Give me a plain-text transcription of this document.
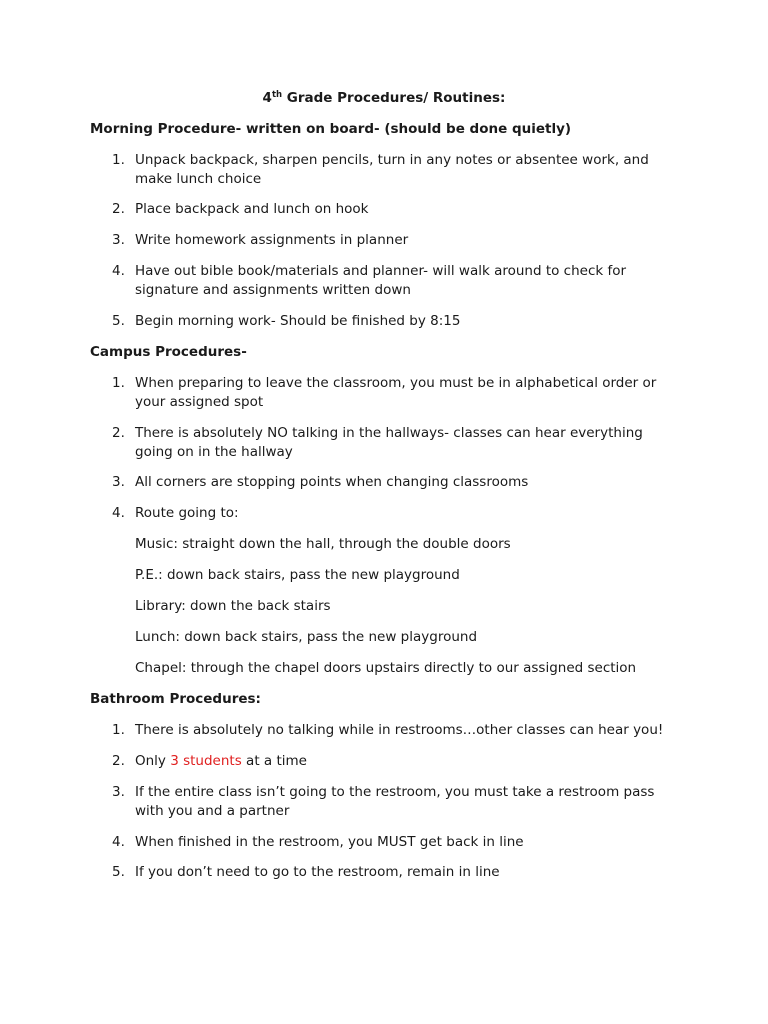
4th Grade Procedures/ Routines:
Morning Procedure- written on board- (should be done quietly)
1. Unpack backpack, sharpen pencils, turn in any notes or absentee work, and
make lunch choice
2. Place backpack and lunch on hook
3. Write homework assignments in planner
4. Have out bible book/materials and planner- will walk around to check for
signature and assignments written down
5. Begin morning work- Should be finished by 8:15
Campus Procedures-
1. When preparing to leave the classroom, you must be in alphabetical order or
your assigned spot
2. There is absolutely NO talking in the hallways- classes can hear everything
going on in the hallway
3. All corners are stopping points when changing classrooms
4. Route going to:
Music: straight down the hall, through the double doors
P.E.: down back stairs, pass the new playground
Library: down the back stairs
Lunch: down back stairs, pass the new playground
Chapel: through the chapel doors upstairs directly to our assigned section
Bathroom Procedures:
1. There is absolutely no talking while in restrooms…other classes can hear you!
2. Only 3 students at a time
3. If the entire class isn’t going to the restroom, you must take a restroom pass
with you and a partner
4. When finished in the restroom, you MUST get back in line
5. If you don’t need to go to the restroom, remain in line
